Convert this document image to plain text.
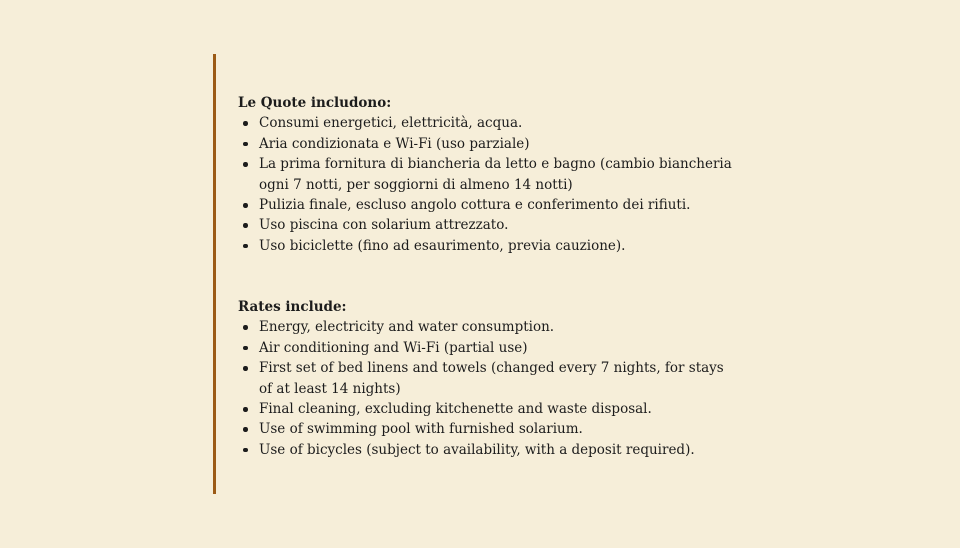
Le Quote includono:

Consumi energetici, elettricità, acqua.
Aria condizionata e Wi-Fi (uso parziale)
La prima fornitura di biancheria da letto e bagno (cambio biancheria ogni 7 notti, per soggiorni di almeno 14 notti)
Pulizia finale, escluso angolo cottura e conferimento dei rifiuti.
Uso piscina con solarium attrezzato.
Uso biciclette (fino ad esaurimento, previa cauzione).

Rates include:

Energy, electricity and water consumption.
Air conditioning and Wi-Fi (partial use)
First set of bed linens and towels (changed every 7 nights, for stays of at least 14 nights)
Final cleaning, excluding kitchenette and waste disposal.
Use of swimming pool with furnished solarium.
Use of bicycles (subject to availability, with a deposit required).
